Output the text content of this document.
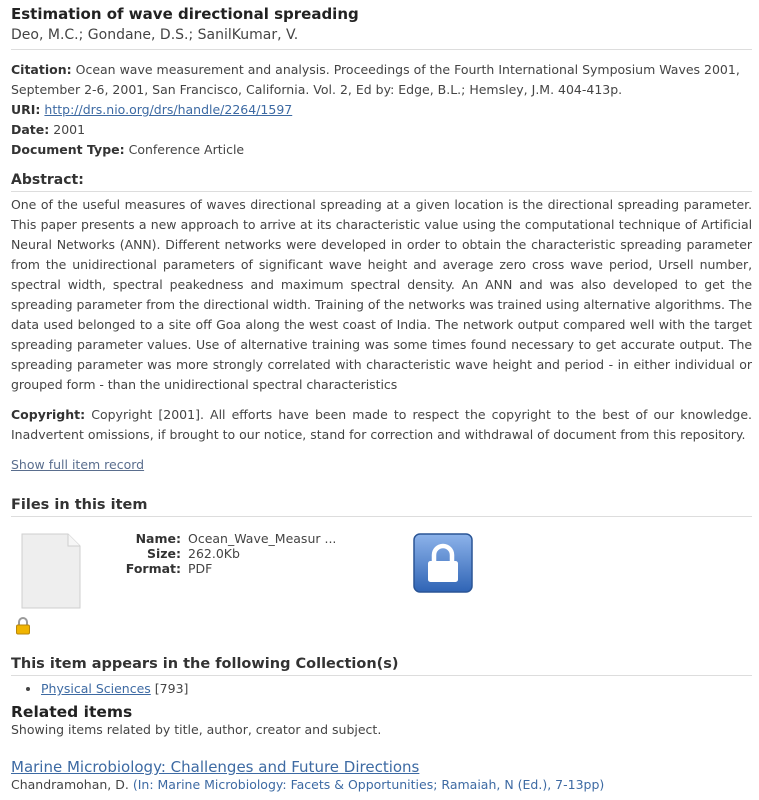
Estimation of wave directional spreading
Deo, M.C.; Gondane, D.S.; SanilKumar, V.
Citation: Ocean wave measurement and analysis. Proceedings of the Fourth International Symposium Waves 2001, September 2-6, 2001, San Francisco, California. Vol. 2, Ed by: Edge, B.L.; Hemsley, J.M. 404-413p.
URI: http://drs.nio.org/drs/handle/2264/1597
Date: 2001
Document Type: Conference Article
Abstract:
One of the useful measures of waves directional spreading at a given location is the directional spreading parameter. This paper presents a new approach to arrive at its characteristic value using the computational technique of Artificial Neural Networks (ANN). Different networks were developed in order to obtain the characteristic spreading parameter from the unidirectional parameters of significant wave height and average zero cross wave period, Ursell number, spectral width, spectral peakedness and maximum spectral density. An ANN and was also developed to get the spreading parameter from the directional width. Training of the networks was trained using alternative algorithms. The data used belonged to a site off Goa along the west coast of India. The network output compared well with the target spreading parameter values. Use of alternative training was some times found necessary to get accurate output. The spreading parameter was more strongly correlated with characteristic wave height and period - in either individual or grouped form - than the unidirectional spectral characteristics
Copyright: Copyright [2001]. All efforts have been made to respect the copyright to the best of our knowledge. Inadvertent omissions, if brought to our notice, stand for correction and withdrawal of document from this repository.
Show full item record
Files in this item
Name: Ocean_Wave_Measur ...
Size: 262.0Kb
Format: PDF
This item appears in the following Collection(s)
• Physical Sciences [793]
Related items
Showing items related by title, author, creator and subject.
Marine Microbiology: Challenges and Future Directions
Chandramohan, D. (In: Marine Microbiology: Facets & Opportunities; Ramaiah, N (Ed.), 7-13pp)
